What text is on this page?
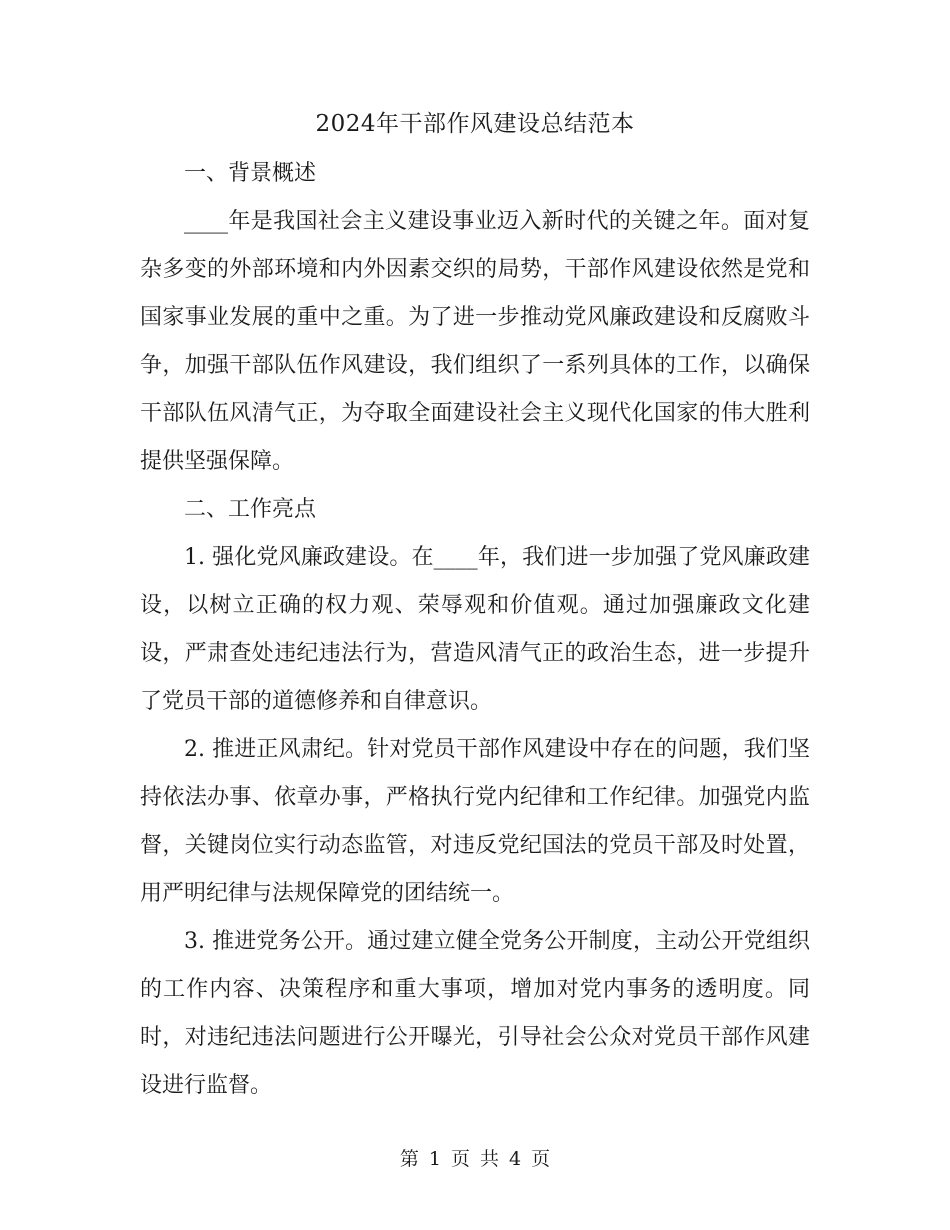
2024年干部作风建设总结范本

一、背景概述

____年是我国社会主义建设事业迈入新时代的关键之年。面对复杂多变的外部环境和内外因素交织的局势，干部作风建设依然是党和国家事业发展的重中之重。为了进一步推动党风廉政建设和反腐败斗争，加强干部队伍作风建设，我们组织了一系列具体的工作，以确保干部队伍风清气正，为夺取全面建设社会主义现代化国家的伟大胜利提供坚强保障。

二、工作亮点

1. 强化党风廉政建设。在____年，我们进一步加强了党风廉政建设，以树立正确的权力观、荣辱观和价值观。通过加强廉政文化建设，严肃查处违纪违法行为，营造风清气正的政治生态，进一步提升了党员干部的道德修养和自律意识。

2. 推进正风肃纪。针对党员干部作风建设中存在的问题，我们坚持依法办事、依章办事，严格执行党内纪律和工作纪律。加强党内监督，关键岗位实行动态监管，对违反党纪国法的党员干部及时处置，用严明纪律与法规保障党的团结统一。

3. 推进党务公开。通过建立健全党务公开制度，主动公开党组织的工作内容、决策程序和重大事项，增加对党内事务的透明度。同时，对违纪违法问题进行公开曝光，引导社会公众对党员干部作风建设进行监督。

第 1 页 共 4 页
